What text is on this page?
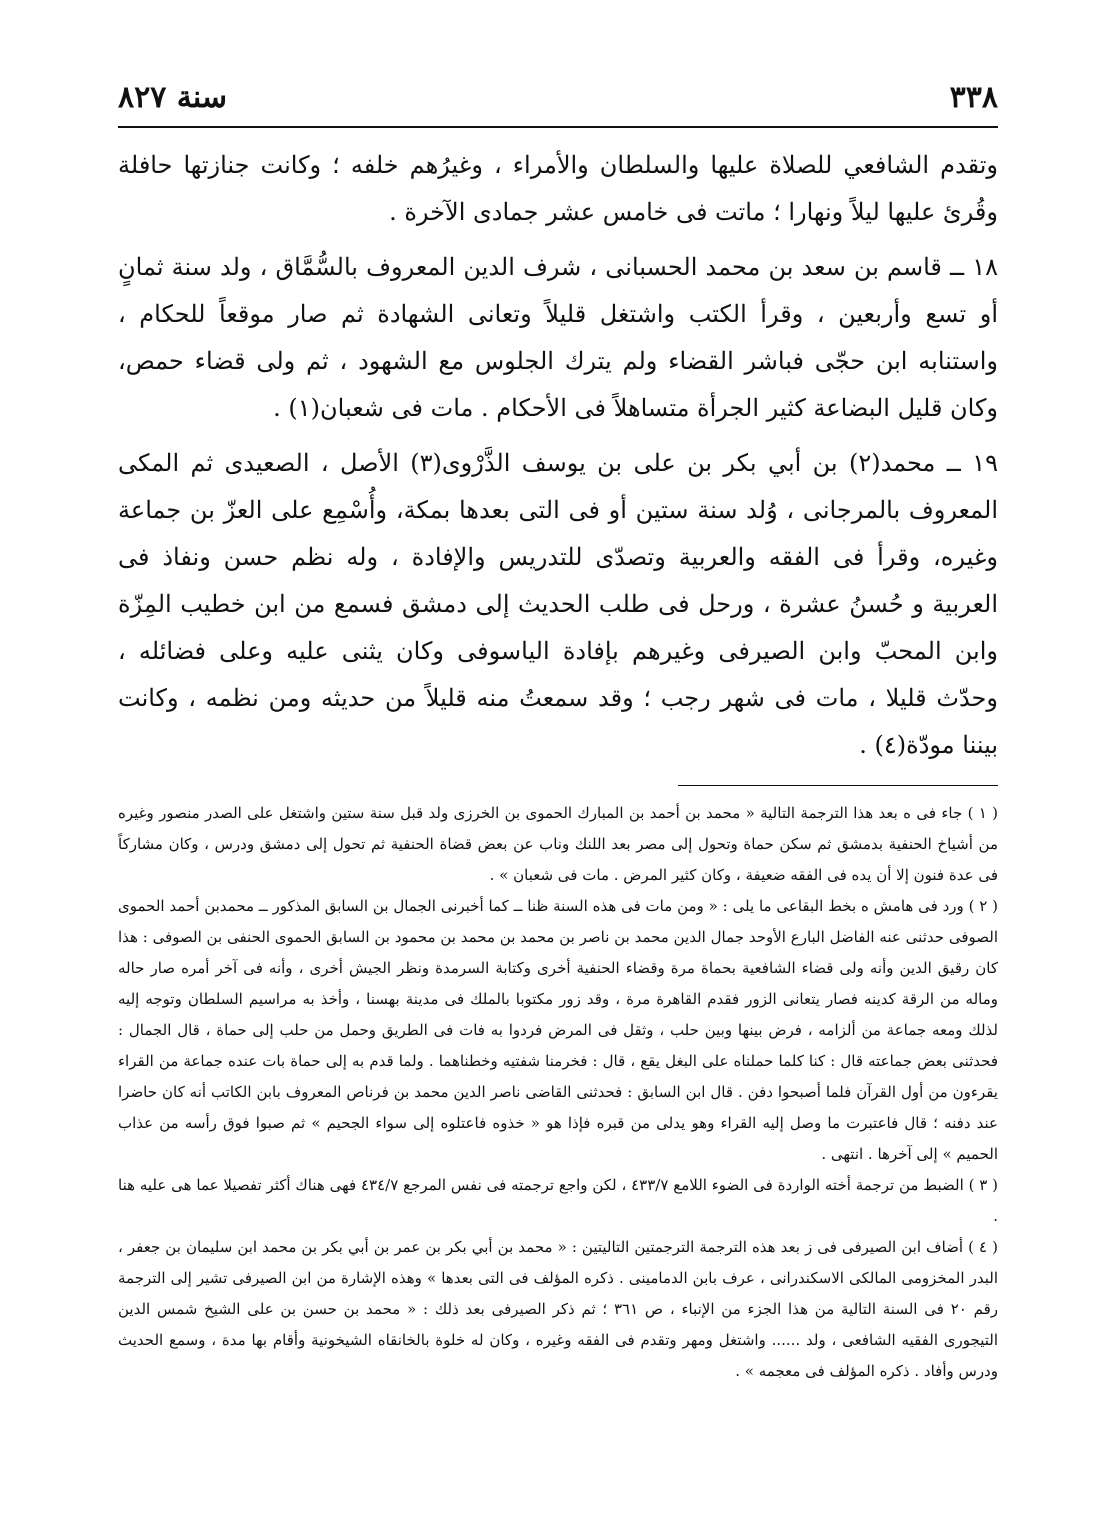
٣٣٨
سنة ٨٢٧

وتقدم الشافعي للصلاة عليها والسلطان والأمراء ، وغيرُهم خلفه ؛ وكانت جنازتها حافلة وقُرئ عليها ليلاً ونهارا ؛ ماتت فى خامس عشر جمادى الآخرة .

١٨ ــ قاسم بن سعد بن محمد الحسبانى ، شرف الدين المعروف بالسُّمَّاق ، ولد سنة ثمانٍ أو تسع وأربعين ، وقرأ الكتب واشتغل قليلاً وتعانى الشهادة ثم صار موقعاً للحكام ، واستنابه ابن حجّى فباشر القضاء ولم يترك الجلوس مع الشهود ، ثم ولى قضاء حمص، وكان قليل البضاعة كثير الجرأة متساهلاً فى الأحكام . مات فى شعبان(١) .

١٩ ــ محمد(٢) بن أبي بكر بن على بن يوسف الذَّرْوى(٣) الأصل ، الصعيدى ثم المكى المعروف بالمرجانى ، وُلد سنة ستين أو فى التى بعدها بمكة، وأُسْمِع على العزّ بن جماعة وغيره، وقرأ فى الفقه والعربية وتصدّى للتدريس والإفادة ، وله نظم حسن ونفاذ فى العربية و حُسنُ عشرة ، ورحل فى طلب الحديث إلى دمشق فسمع من ابن خطيب المِزّة وابن المحبّ وابن الصيرفى وغيرهم بإفادة الياسوفى وكان يثنى عليه وعلى فضائله ، وحدّث قليلا ، مات فى شهر رجب ؛ وقد سمعتُ منه قليلاً من حديثه ومن نظمه ، وكانت بيننا مودّة(٤) .

( ١ ) جاء فى ه بعد هذا الترجمة التالية « محمد بن أحمد بن المبارك الحموى بن الخرزى ولد قبل سنة ستين واشتغل على الصدر منصور وغيره من أشياخ الحنفية بدمشق ثم سكن حماة وتحول إلى مصر بعد اللنك وناب عن بعض قضاة الحنفية ثم تحول إلى دمشق ودرس ، وكان مشاركاً فى عدة فنون إلا أن يده فى الفقه ضعيفة ، وكان كثير المرض . مات فى شعبان » .

( ٢ ) ورد فى هامش ه بخط البقاعى ما يلى : « ومن مات فى هذه السنة ظنا ــ كما أخبرنى الجمال بن السابق المذكور ــ محمدبن أحمد الحموى الصوفى حدثنى عنه الفاضل البارع الأوحد جمال الدين محمد بن ناصر بن محمد بن محمد بن محمود بن السابق الحموى الحنفى بن الصوفى : هذا كان رقيق الدين وأنه ولى قضاء الشافعية بحماة مرة وقضاء الحنفية أخرى وكتابة السرمدة ونظر الجيش أخرى ، وأنه فى آخر أمره صار حاله وماله من الرقة كدينه فصار يتعانى الزور فقدم القاهرة مرة ، وقد زور مكتوبا بالملك فى مدينة بهسنا ، وأخذ به مراسيم السلطان وتوجه إليه لذلك ومعه جماعة من ألزامه ، فرض بينها وبين حلب ، وثقل فى المرض فردوا به فات فى الطريق وحمل من حلب إلى حماة ، قال الجمال : فحدثنى بعض جماعته قال : كنا كلما حملناه على البغل يقع ، قال : فخرمنا شفتيه وخطناهما . ولما قدم به إلى حماة بات عنده جماعة من القراء يقرءون من أول القرآن فلما أصبحوا دفن . قال ابن السابق : فحدثنى القاضى ناصر الدين محمد بن فرناص المعروف بابن الكاتب أنه كان حاضرا عند دفنه ؛ قال فاعتبرت ما وصل إليه القراء وهو يدلى من قبره فإذا هو « خذوه فاعتلوه إلى سواء الجحيم » ثم صبوا فوق رأسه من عذاب الحميم » إلى آخرها . انتهى .

( ٣ ) الضبط من ترجمة أخته الواردة فى الضوء اللامع ٤٣٣/٧ ، لكن واجع ترجمته فى نفس المرجع ٤٣٤/٧ فهى هناك أكثر تفصيلا عما هى عليه هنا .

( ٤ ) أضاف ابن الصيرفى فى ز بعد هذه الترجمة الترجمتين التاليتين : « محمد بن أبي بكر بن عمر بن أبي بكر بن محمد ابن سليمان بن جعفر ، البدر المخزومى المالكى الاسكندرانى ، عرف بابن الدمامينى . ذكره المؤلف فى التى بعدها » وهذه الإشارة من ابن الصيرفى تشير إلى الترجمة رقم ٢٠ فى السنة التالية من هذا الجزء من الإنباء ، ص ٣٦١ ؛ ثم ذكر الصيرفى بعد ذلك : « محمد بن حسن بن على الشيخ شمس الدين التيجورى الفقيه الشافعى ، ولد ...... واشتغل ومهر وتقدم فى الفقه وغيره ، وكان له خلوة بالخانقاه الشيخونية وأقام بها مدة ، وسمع الحديث ودرس وأفاد . ذكره المؤلف فى معجمه » .
